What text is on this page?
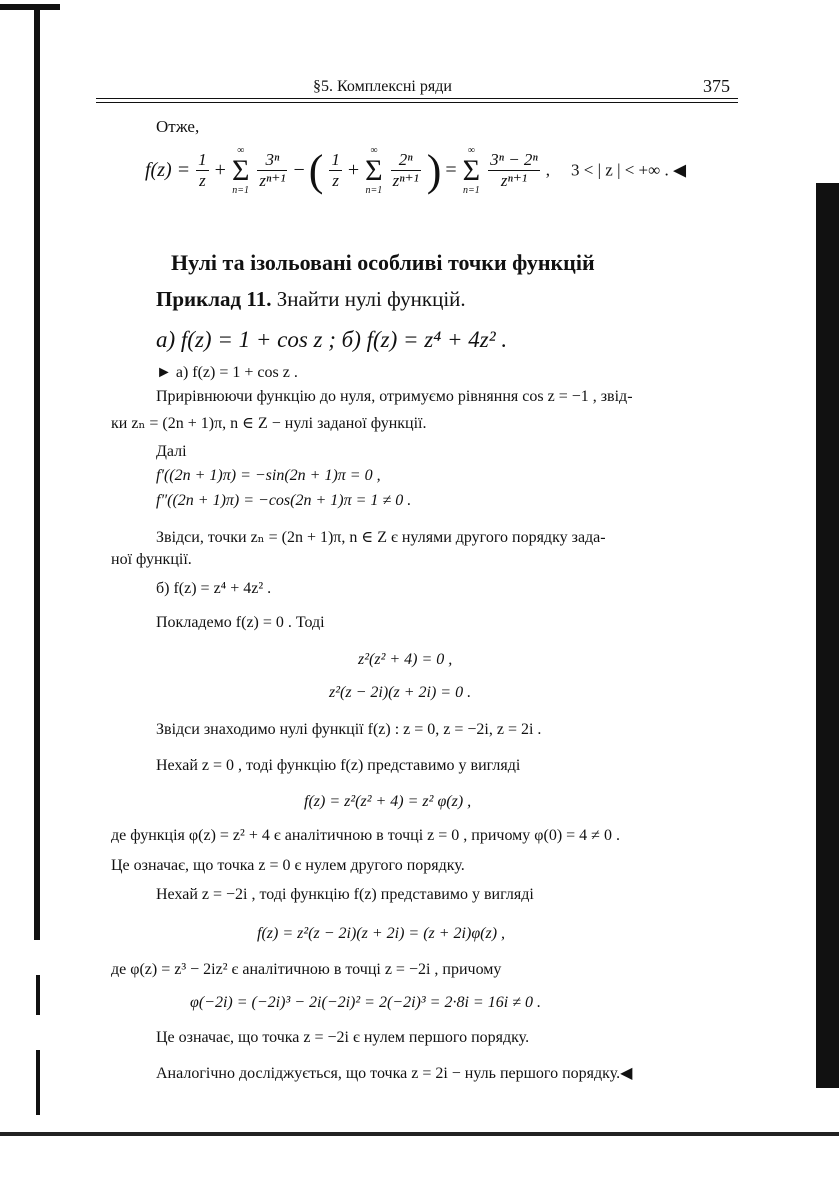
§5. Комплексні ряди	375
Отже,
$f(z) = \frac{1}{z}$ +
∞
Σ
n=1
$\frac{\text{3ⁿ}}{\text{zⁿ⁺¹}}$ − ( $\frac{1}{z}$ +
∞
Σ
n=1
$\frac{\text{2ⁿ}}{\text{zⁿ⁺¹}}$ ) =
∞
Σ
n=1
$\frac{\text{3ⁿ − 2ⁿ}}{\text{zⁿ⁺¹}}$ ,     3 < | z | < +∞ . ◀
Нулі та ізольовані особливі точки функцій
Приклад 11. Знайти нулі функцій.
а) f(z) = 1 + cos z ; б) f(z) = z⁴ + 4z² .
► а) f(z) = 1 + cos z .
Прирівнюючи функцію до нуля, отримуємо рівняння cos z = −1 , звід-
ки zₙ = (2n + 1)π, n ∈ Z − нулі заданої функції.
Далі
f′((2n + 1)π) = −sin(2n + 1)π = 0 ,
f″((2n + 1)π) = −cos(2n + 1)π = 1 ≠ 0 .
Звідси, точки zₙ = (2n + 1)π, n ∈ Z є нулями другого порядку зада-
ної функції.
б) f(z) = z⁴ + 4z² .
Покладемо f(z) = 0 . Тоді
z²(z² + 4) = 0 ,
z²(z − 2i)(z + 2i) = 0 .
Звідси знаходимо нулі функції f(z) : z = 0, z = −2i, z = 2i .
Нехай z = 0 , тоді функцію f(z) представимо у вигляді
f(z) = z²(z² + 4) = z² φ(z) ,
де функція φ(z) = z² + 4 є аналітичною в точці z = 0 , причому φ(0) = 4 ≠ 0 .
Це означає, що точка z = 0 є нулем другого порядку.
Нехай z = −2i , тоді функцію f(z) представимо у вигляді
f(z) = z²(z − 2i)(z + 2i) = (z + 2i)φ(z) ,
де φ(z) = z³ − 2iz² є аналітичною в точці z = −2i , причому
φ(−2i) = (−2i)³ − 2i(−2i)² = 2(−2i)³ = 2·8i = 16i ≠ 0 .
Це означає, що точка z = −2i є нулем першого порядку.
Аналогічно досліджується, що точка z = 2i − нуль першого порядку.◀
